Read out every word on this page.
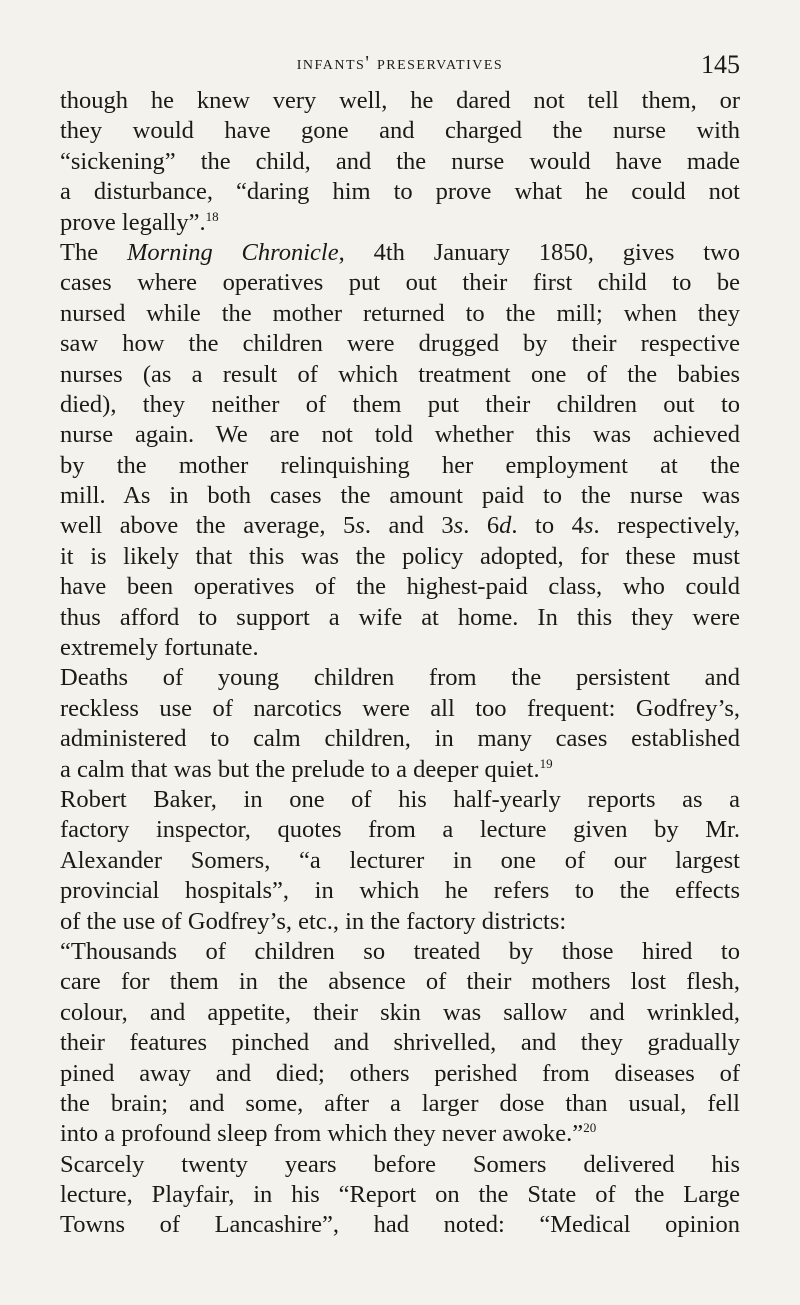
infants' preservatives	145
though he knew very well, he dared not tell them, or
they would have gone and charged the nurse with
“sickening” the child, and the nurse would have made
a disturbance, “daring him to prove what he could not
prove legally”.$^{18}$
The Morning Chronicle, 4th January 1850, gives two
cases where operatives put out their first child to be
nursed while the mother returned to the mill; when they
saw how the children were drugged by their respective
nurses (as a result of which treatment one of the babies
died), they neither of them put their children out to
nurse again. We are not told whether this was achieved
by the mother relinquishing her employment at the
mill. As in both cases the amount paid to the nurse was
well above the average, 5s. and 3s. 6d. to 4s. respectively,
it is likely that this was the policy adopted, for these must
have been operatives of the highest-paid class, who could
thus afford to support a wife at home. In this they were
extremely fortunate.
Deaths of young children from the persistent and
reckless use of narcotics were all too frequent: Godfrey’s,
administered to calm children, in many cases established
a calm that was but the prelude to a deeper quiet.$^{19}$
Robert Baker, in one of his half-yearly reports as a
factory inspector, quotes from a lecture given by Mr.
Alexander Somers, “a lecturer in one of our largest
provincial hospitals”, in which he refers to the effects
of the use of Godfrey’s, etc., in the factory districts:
“Thousands of children so treated by those hired to
care for them in the absence of their mothers lost flesh,
colour, and appetite, their skin was sallow and wrinkled,
their features pinched and shrivelled, and they gradually
pined away and died; others perished from diseases of
the brain; and some, after a larger dose than usual, fell
into a profound sleep from which they never awoke.”$^{20}$
Scarcely twenty years before Somers delivered his
lecture, Playfair, in his “Report on the State of the Large
Towns of Lancashire”, had noted: “Medical opinion
